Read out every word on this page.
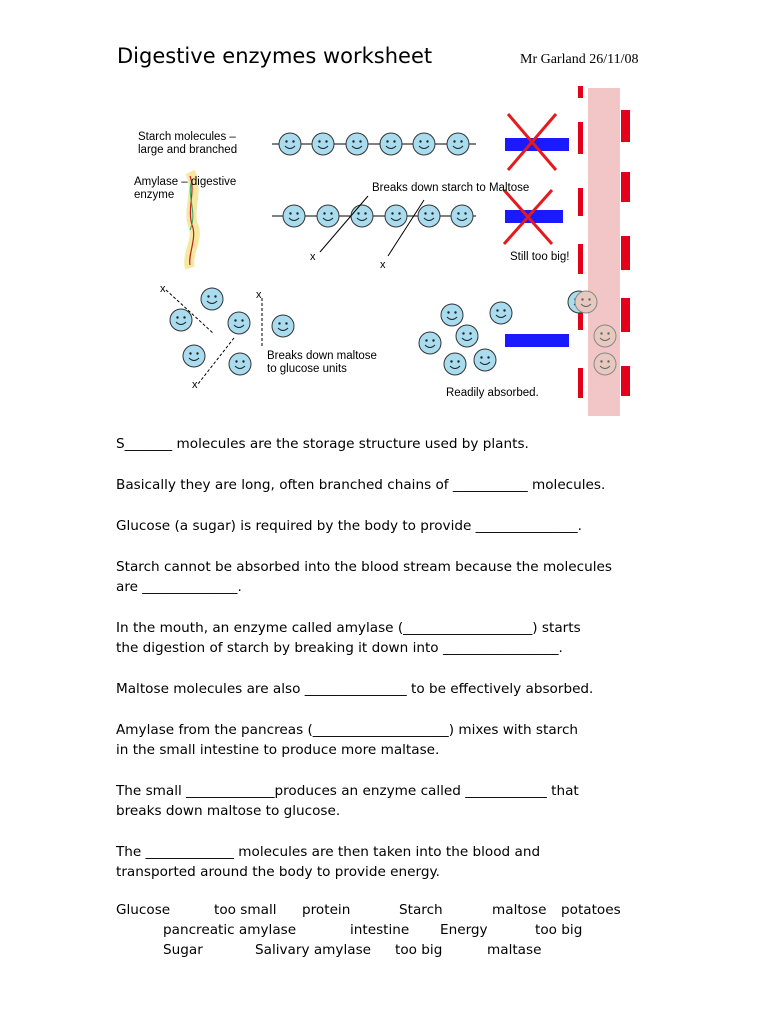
Digestive enzymes worksheet	Mr Garland 26/11/08
x
x
x	x
x
Starch molecules –
large and branched
Amylase – digestive
enzyme
Breaks down starch to Maltose
Still too big!
Breaks down maltose
to glucose units
Readily absorbed.
S_______ molecules are the storage structure used by plants.
Basically they are long, often branched chains of ___________ molecules.
Glucose (a sugar) is required by the body to provide _______________.
Starch cannot be absorbed into the blood stream because the molecules
are ______________.
In the mouth, an enzyme called amylase (___________________) starts
the digestion of starch by breaking it down into _________________.
Maltose molecules are also _______________ to be effectively absorbed.
Amylase from the pancreas (____________________) mixes with starch
in the small intestine to produce more maltase.
The small _____________produces an enzyme called ____________ that
breaks down maltose to glucose.
The _____________ molecules are then taken into the blood and
transported around the body to provide energy.
Glucose	too small protein	Starch	maltose potatoes
pancreatic amylase	intestine Energy	too big
Sugar	Salivary amylase too big	maltase
